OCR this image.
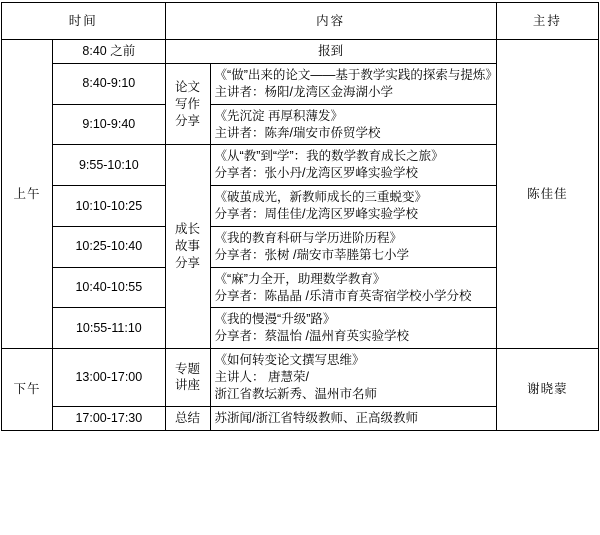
时间		内容		主持
上午	8:40 之前	报到		陈佳佳
	8:40-9:10	论文写作分享	《“做”出来的论文——基于教学实践的探索与提炼》
主讲者：杨阳/龙湾区金海湖小学	

	9:10-9:40		《先沉淀 再厚积薄发》
主讲者：陈奔/瑞安市侨贸学校	

	9:55-10:10	成长故事分享	《从“教”到“学”：我的数学教育成长之旅》
分享者：张小丹/龙湾区罗峰实验学校	

	10:10-10:25		《破茧成光，新教师成长的三重蜕变》
分享者：周佳佳/龙湾区罗峰实验学校	

	10:25-10:40		《我的教育科研与学历进阶历程》
分享者：张树 /瑞安市莘塍第七小学	

	10:40-10:55		《“麻”力全开，助理数学教育》
分享者：陈晶晶 /乐清市育英寄宿学校小学分校	

	10:55-11:10		《我的慢漫“升级”路》
分享者：蔡温怡 /温州育英实验学校	

下午	13:00-17:00	专题讲座	《如何转变论文撰写思维》
主讲人： 唐慧荣/
浙江省教坛新秀、温州市名师	谢晓蒙
	17:00-17:30	总结	苏浙闻/浙江省特级教师、正高级教师	
